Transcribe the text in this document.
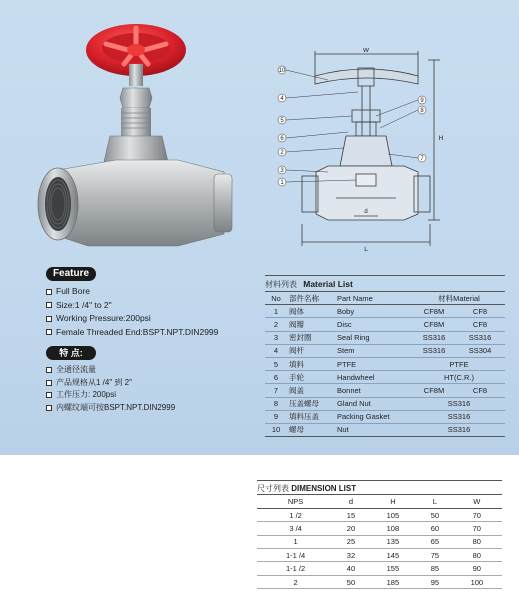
10
4
5
6
2
3
1
9
8
7
W
H
L
d
Feature
Full Bore
Size:1 /4" to 2"
Working Pressure:200psi
Female Threaded End:BSPT.NPT.DIN2999
特 点:
全通径流量
产品规格从1 /4" 到 2"
工作压力: 200psi
内螺纹端可按BSPT.NPT.DIN2999
材料列表 Material List
No	部件名称	Part Name	材料Material	
1	阀体	Boby	CF8M	CF8
2	阀瓣	Disc	CF8M	CF8
3	密封圈	Seal Ring	SS316	SS316
4	阀杆	Stem	SS316	SS304
5	填料	PTFE	PTFE	
6	手轮	Handwheel	HT(C.R.)	
7	阀盖	Bonnet	CF8M	CF8
8	压盖螺母	Gland Nut	SS316	
9	填料压盖	Packing Gasket	SS316	
10	螺母	Nut	SS316	
尺寸列表 DIMENSION LIST
NPS	d	H	L	W
1 /2	15	105	50	70
3 /4	20	108	60	70
1	25	135	65	80
1-1 /4	32	145	75	80
1-1 /2	40	155	85	90
2	50	185	95	100
